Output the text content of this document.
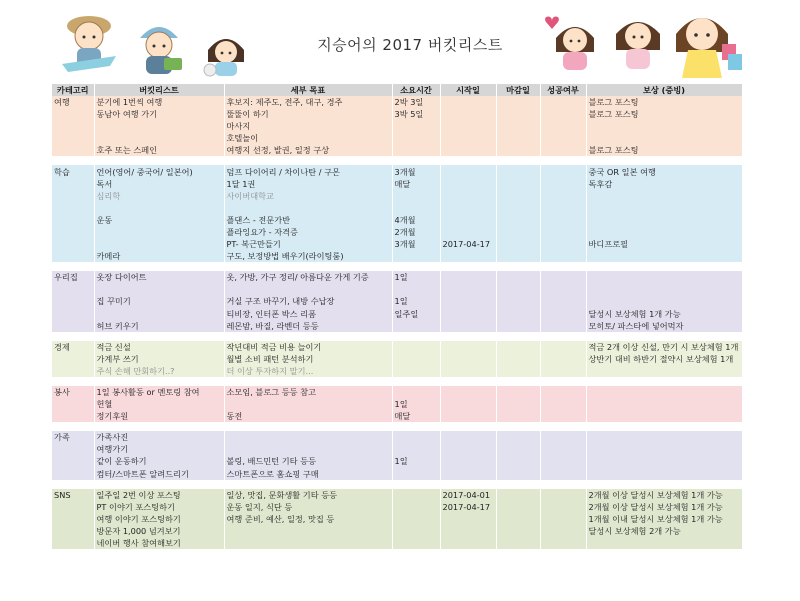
지승어의 2017 버킷리스트
카테고리	버킷리스트	세부 목표	소요시간	시작일	마감일	성공여부	보상 (증빙)
여행	분기에 1번씩 여행	후보지: 제주도, 전주, 대구, 경주	2박 3일				블로그 포스팅
	동남아 여행 가기	뚤뚤이 하기	3박 5일				블로그 포스팅
		마사지					
		호텔놀이					
	호주 또는 스페인	여행지 선정, 발권, 일정 구상					블로그 포스팅

학습	언어(영어/ 중국어/ 일본어)	덤프 다이어리 / 차이나탄 / 구몬	3개월				중국 OR 일본 여행
	독서	1달 1권	매달				독후감
	심리학	사이버대학교					

	운동	플댄스 - 전문가반	4개월				
		플라잉요가 - 자격증	2개월				
		PT- 복근만들기	3개월	2017-04-17			바디프로필
	카메라	구도, 보정방법 배우기(라이팅룸)					

우리집	옷장 다이어트	옷, 가방, 가구 정리/ 아름다운 가게 기증	1일				

	집 꾸미기	거실 구조 바꾸기, 내방 수납장	1일				
		티비장, 인터폰 박스 리폼	일주일				달성시 보상체험 1개 가능
	허브 키우기	레몬밤, 바질, 라벤더 등등					모히토/ 파스타에 넣어먹자

경제	적금 신설	작년대비 적금 비용 늘이기					적금 2개 이상 신설, 만기 시 보상체험 1개
	가계부 쓰기	월별 소비 패턴 분석하기					상반기 대비 하반기 절약시 보상체험 1개
	주식 손해 만회하기..?	더 이상 투자하지 말기...					

봉사	1일 봉사활동 or 멘토링 참여	소모임, 블로그 등등 참고					
	헌혈		1일				
	정기후원	동전	매달				

가족	가족사진						
	여행가기						
	같이 운동하기	볼링, 배드민턴 기타 등등	1일				
	컴터/스마트폰 알려드리기	스마트폰으로 홈쇼핑 구매					

SNS	일주일 2번 이상 포스팅	일상, 맛집, 문화생활 기타 등등		2017-04-01			2개월 이상 달성시 보상체험 1개 가능
	PT 이야기 포스팅하기	운동 일지, 식단 등		2017-04-17			2개월 이상 달성시 보상체험 1개 가능
	여행 이야기 포스팅하기	여행 준비, 예산, 일정, 맛집 등					1개월 이내 달성시 보상체험 1개 가능
	방문자 1,000 넘겨보기						달성시 보상체험 2개 가능
	네이버 행사 참여해보기						
